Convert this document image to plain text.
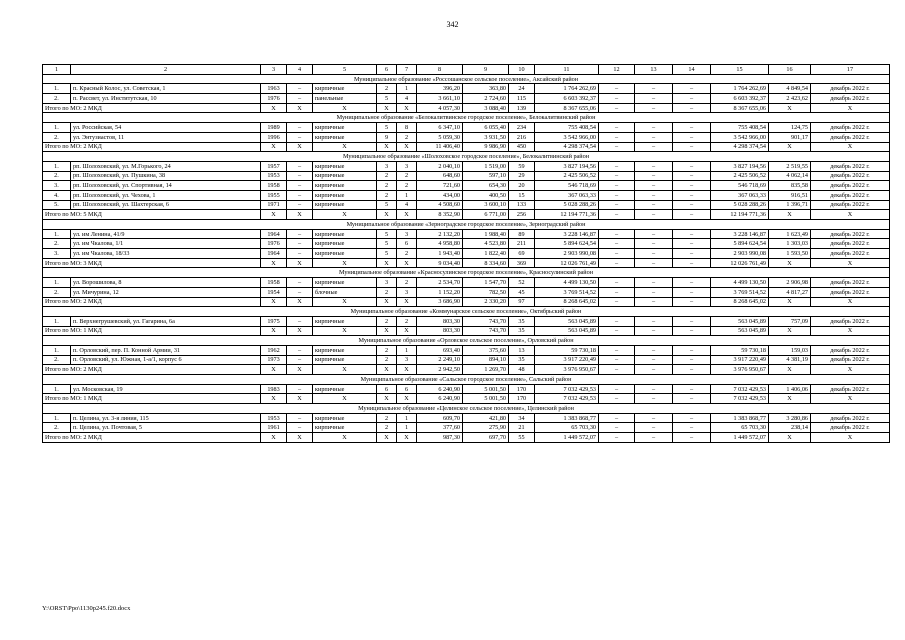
342
1	2	3	4	5	6	7	8	9	10	11	12	13	14	15	16	17
Муниципальное образование «Россошанское сельское поселение», Аксайский район																
1.	п. Красный Колос, ул. Советская, 1	1963	–	кирпичные	2	1	396,20	363,80	24	1 764 262,69	–	–	–	1 764 262,69	4 849,54	декабрь 2022 г.
2.	п. Рассвет, ул. Институтская, 10	1976	–	панельные	5	4	3 661,10	2 724,60	115	6 603 392,37	–	–	–	6 603 392,37	2 423,62	декабрь 2022 г.
Итого по МО: 2 МКД		X	X	X	X	X	4 057,30	3 088,40	139	8 367 655,06	–	–	–	8 367 655,06	X	X
Муниципальное образование «Белокалитвинское городское поселение», Белокалитвинский район																
1.	ул. Российская, 54	1989	–	кирпичные	5	8	6 347,10	6 055,40	234	755 408,54	–	–	–	755 408,54	124,75	декабрь 2022 г.
2.	ул. Энтузиастов, 11	1996	–	кирпичные	9	2	5 059,30	3 931,50	216	3 542 966,00	–	–	–	3 542 966,00	901,17	декабрь 2022 г.
Итого по МО: 2 МКД		X	X	X	X	X	11 406,40	9 986,90	450	4 298 374,54	–	–	–	4 298 374,54	X	X
Муниципальное образование «Шолоховское городское поселение», Белокалитвинский район																
1.	рп. Шолоховский, ул. М.Горького, 24	1957	–	кирпичные	3	3	2 040,10	1 519,00	59	3 827 194,56	–	–	–	3 827 194,56	2 519,55	декабрь 2022 г.
2.	рп. Шолоховский, ул. Пушкина, 38	1953	–	кирпичные	2	2	648,60	597,10	29	2 425 506,52	–	–	–	2 425 506,52	4 062,14	декабрь 2022 г.
3.	рп. Шолоховский, ул. Спортивная, 14	1958	–	кирпичные	2	2	721,60	654,30	20	546 718,69	–	–	–	546 718,69	835,58	декабрь 2022 г.
4.	рп. Шолоховский, ул. Чехова, 1	1955	–	кирпичные	2	1	434,00	400,50	15	367 063,33	–	–	–	367 063,33	916,51	декабрь 2022 г.
5.	рп. Шолоховский, ул. Шахтерская, 6	1971	–	кирпичные	5	4	4 508,60	3 600,10	133	5 028 288,26	–	–	–	5 028 288,26	1 396,71	декабрь 2022 г.
Итого по МО: 5 МКД		X	X	X	X	X	8 352,90	6 771,00	256	12 194 771,36	–	–	–	12 194 771,36	X	X
Муниципальное образование «Зерноградское городское поселение», Зерноградский район																
1.	ул. им Ленина, 41/9	1964	–	кирпичные	5	3	2 132,20	1 988,40	89	3 228 146,87	–	–	–	3 228 146,87	1 623,49	декабрь 2022 г.
2.	ул. им Чкалова, 1/1	1976	–	кирпичные	5	6	4 958,80	4 523,80	211	5 894 624,54	–	–	–	5 894 624,54	1 303,03	декабрь 2022 г.
3.	ул. им Чкалова, 18/33	1964	–	кирпичные	5	2	1 943,40	1 822,40	69	2 903 990,08	–	–	–	2 903 990,08	1 593,50	декабрь 2022 г.
Итого по МО: 3 МКД		X	X	X	X	X	9 034,40	8 334,60	369	12 026 761,49	–	–	–	12 026 761,49	X	X
Муниципальное образование «Красносулинское городское поселение», Красносулинский район																
1.	ул. Ворошилова, 8	1958	–	кирпичные	3	2	2 534,70	1 547,70	52	4 499 130,50	–	–	–	4 499 130,50	2 906,98	декабрь 2022 г.
2.	ул. Мичурина, 12	1954	–	блочные	2	3	1 152,20	782,50	45	3 769 514,52	–	–	–	3 769 514,52	4 817,27	декабрь 2022 г.
Итого по МО: 2 МКД		X	X	X	X	X	3 686,90	2 330,20	97	8 268 645,02	–	–	–	8 268 645,02	X	X
Муниципальное образование «Коммунарское сельское поселение», Октябрьский район																
1.	п. Верхнегрушевский, ул. Гагарина, 6а	1975	–	кирпичные	2	2	803,30	743,70	35	563 045,89	–	–	–	563 045,89	757,09	декабрь 2022 г.
Итого по МО: 1 МКД		X	X	X	X	X	803,30	743,70	35	563 045,89	–	–	–	563 045,89	X	X
Муниципальное образование «Орловское сельское поселение», Орловский район																
1.	п. Орловский, пер. П. Конной Армии, 31	1962	–	кирпичные	2	1	693,40	375,60	13	59 730,18	–	–	–	59 730,18	159,03	декабрь 2022 г.
2.	п. Орловский, ул. Южная, 1-а/1, корпус 6	1973	–	кирпичные	2	3	2 249,10	894,10	35	3 917 220,49	–	–	–	3 917 220,49	4 381,19	декабрь 2022 г.
Итого по МО: 2 МКД		X	X	X	X	X	2 942,50	1 269,70	48	3 976 950,67	–	–	–	3 976 950,67	X	X
Муниципальное образование «Сальское городское поселение», Сальский район																
1.	ул. Московская, 19	1983	–	кирпичные	6	6	6 240,90	5 001,50	170	7 032 429,53	–	–	–	7 032 429,53	1 406,06	декабрь 2022 г.
Итого по МО: 1 МКД		X	X	X	X	X	6 240,90	5 001,50	170	7 032 429,53	–	–	–	7 032 429,53	X	X
Муниципальное образование «Целинское сельское поселение», Целинский район																
1.	п. Целина, ул. 3-я линия, 115	1953	–	кирпичные	2	1	609,70	421,80	34	1 383 868,77	–	–	–	1 383 868,77	3 280,86	декабрь 2022 г.
2.	п. Целина, ул. Почтовая, 5	1961	–	кирпичные	2	1	377,60	275,90	21	65 703,30	–	–	–	65 703,30	238,14	декабрь 2022 г.
Итого по МО: 2 МКД		X	X	X	X	X	987,30	697,70	55	1 449 572,07	–	–	–	1 449 572,07	X	X
Y:\ORST\Ppo\1130p245.f20.docx
